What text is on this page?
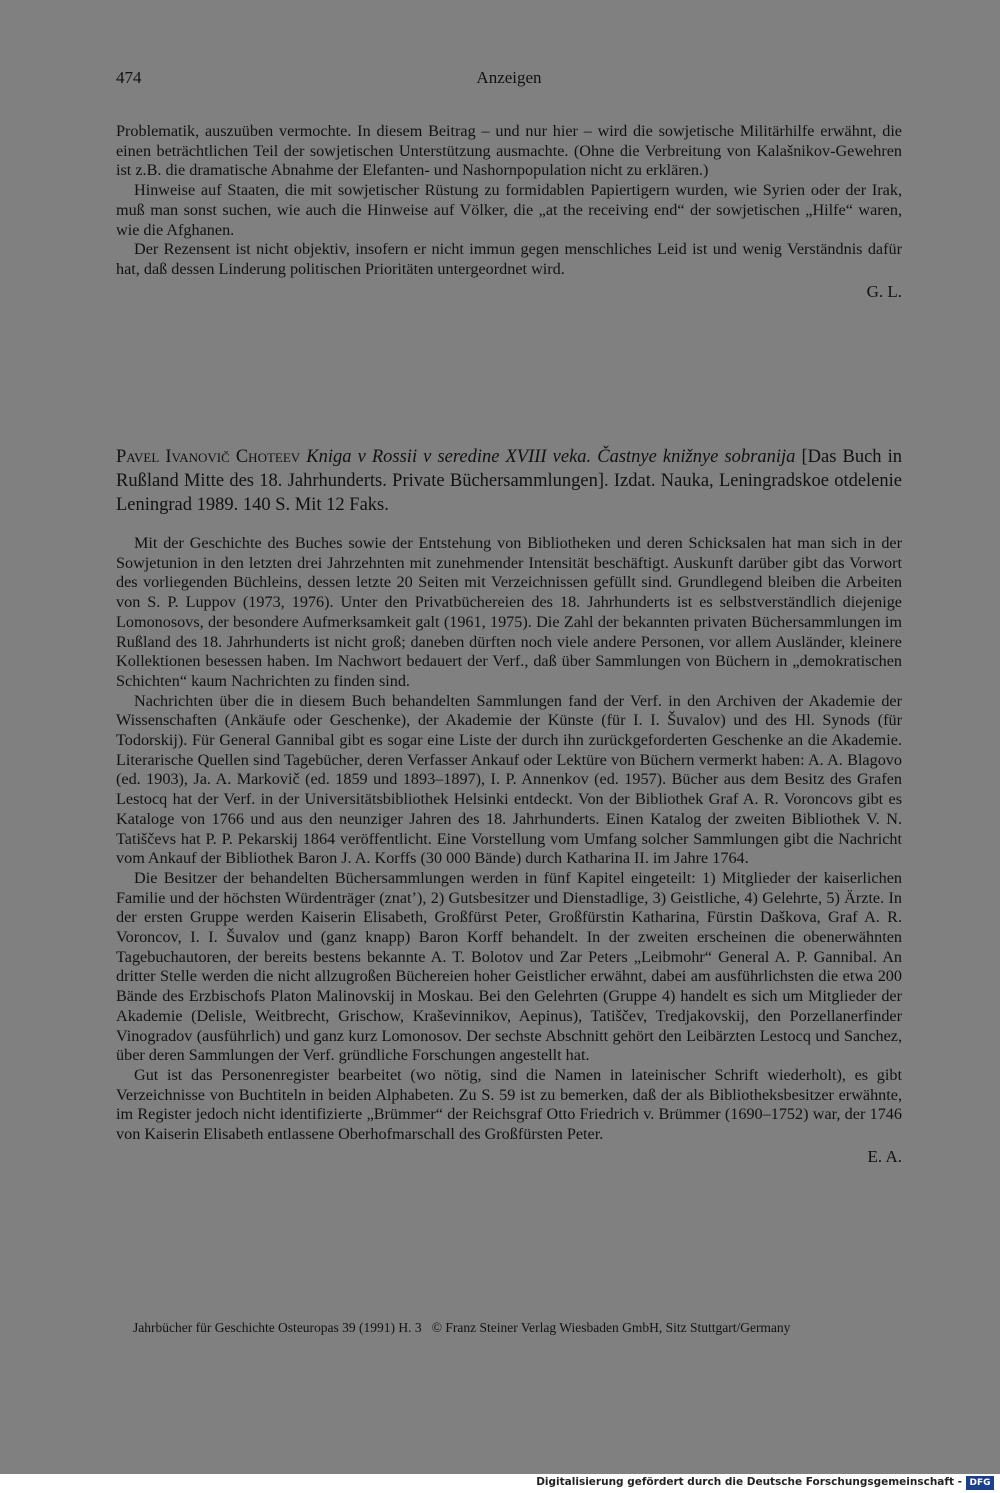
474	Anzeigen

Problematik, auszuüben vermochte. In diesem Beitrag – und nur hier – wird die sowjetische Militärhilfe erwähnt, die einen beträchtlichen Teil der sowjetischen Unterstützung ausmachte. (Ohne die Verbreitung von Kalašnikov-Gewehren ist z.B. die dramatische Abnahme der Elefanten- und Nashornpopulation nicht zu erklären.)

Hinweise auf Staaten, die mit sowjetischer Rüstung zu formidablen Papiertigern wurden, wie Syrien oder der Irak, muß man sonst suchen, wie auch die Hinweise auf Völker, die „at the receiving end“ der sowjetischen „Hilfe“ waren, wie die Afghanen.

Der Rezensent ist nicht objektiv, insofern er nicht immun gegen menschliches Leid ist und wenig Verständnis dafür hat, daß dessen Linderung politischen Prioritäten untergeordnet wird.

G. L.
Pavel Ivanovič Choteev Kniga v Rossii v seredine XVIII veka. Častnye knižnye sobranija [Das Buch in Rußland Mitte des 18. Jahrhunderts. Private Büchersammlungen]. Izdat. Nauka, Leningradskoe otdelenie Leningrad 1989. 140 S. Mit 12 Faks.

Mit der Geschichte des Buches sowie der Entstehung von Bibliotheken und deren Schicksalen hat man sich in der Sowjetunion in den letzten drei Jahrzehnten mit zunehmender Intensität beschäftigt. Auskunft darüber gibt das Vorwort des vorliegenden Büchleins, dessen letzte 20 Seiten mit Verzeichnissen gefüllt sind. Grundlegend bleiben die Arbeiten von S. P. Luppov (1973, 1976). Unter den Privatbüchereien des 18. Jahrhunderts ist es selbstverständlich diejenige Lomonosovs, der besondere Aufmerksamkeit galt (1961, 1975). Die Zahl der bekannten privaten Büchersammlungen im Rußland des 18. Jahrhunderts ist nicht groß; daneben dürften noch viele andere Personen, vor allem Ausländer, kleinere Kollektionen besessen haben. Im Nachwort bedauert der Verf., daß über Sammlungen von Büchern in „demokratischen Schichten“ kaum Nachrichten zu finden sind.

Nachrichten über die in diesem Buch behandelten Sammlungen fand der Verf. in den Archiven der Akademie der Wissenschaften (Ankäufe oder Geschenke), der Akademie der Künste (für I. I. Šuvalov) und des Hl. Synods (für Todorskij). Für General Gannibal gibt es sogar eine Liste der durch ihn zurückgeforderten Geschenke an die Akademie. Literarische Quellen sind Tagebücher, deren Verfasser Ankauf oder Lektüre von Büchern vermerkt haben: A. A. Blagovo (ed. 1903), Ja. A. Markovič (ed. 1859 und 1893–1897), I. P. Annenkov (ed. 1957). Bücher aus dem Besitz des Grafen Lestocq hat der Verf. in der Universitätsbibliothek Helsinki entdeckt. Von der Bibliothek Graf A. R. Voroncovs gibt es Kataloge von 1766 und aus den neunziger Jahren des 18. Jahrhunderts. Einen Katalog der zweiten Bibliothek V. N. Tatiščevs hat P. P. Pekarskij 1864 veröffentlicht. Eine Vorstellung vom Umfang solcher Sammlungen gibt die Nachricht vom Ankauf der Bibliothek Baron J. A. Korffs (30 000 Bände) durch Katharina II. im Jahre 1764.

Die Besitzer der behandelten Büchersammlungen werden in fünf Kapitel eingeteilt: 1) Mitglieder der kaiserlichen Familie und der höchsten Würdenträger (znat’), 2) Gutsbesitzer und Dienstadlige, 3) Geistliche, 4) Gelehrte, 5) Ärzte. In der ersten Gruppe werden Kaiserin Elisabeth, Großfürst Peter, Großfürstin Katharina, Fürstin Daškova, Graf A. R. Voroncov, I. I. Šuvalov und (ganz knapp) Baron Korff behandelt. In der zweiten erscheinen die obenerwähnten Tagebuchautoren, der bereits bestens bekannte A. T. Bolotov und Zar Peters „Leibmohr“ General A. P. Gannibal. An dritter Stelle werden die nicht allzugroßen Büchereien hoher Geistlicher erwähnt, dabei am ausführlichsten die etwa 200 Bände des Erzbischofs Platon Malinovskij in Moskau. Bei den Gelehrten (Gruppe 4) handelt es sich um Mitglieder der Akademie (Delisle, Weitbrecht, Grischow, Kraševinnikov, Aepinus), Tatiščev, Tredjakovskij, den Porzellanerfinder Vinogradov (ausführlich) und ganz kurz Lomonosov. Der sechste Abschnitt gehört den Leibärzten Lestocq und Sanchez, über deren Sammlungen der Verf. gründliche Forschungen angestellt hat.

Gut ist das Personenregister bearbeitet (wo nötig, sind die Namen in lateinischer Schrift wiederholt), es gibt Verzeichnisse von Buchtiteln in beiden Alphabeten. Zu S. 59 ist zu bemerken, daß der als Bibliotheksbesitzer erwähnte, im Register jedoch nicht identifizierte „Brümmer“ der Reichsgraf Otto Friedrich v. Brümmer (1690–1752) war, der 1746 von Kaiserin Elisabeth entlassene Oberhofmarschall des Großfürsten Peter.

E. A.
Jahrbücher für Geschichte Osteuropas 39 (1991) H. 3   © Franz Steiner Verlag Wiesbaden GmbH, Sitz Stuttgart/Germany
Digitalisierung gefördert durch die Deutsche Forschungsgemeinschaft - DFG
